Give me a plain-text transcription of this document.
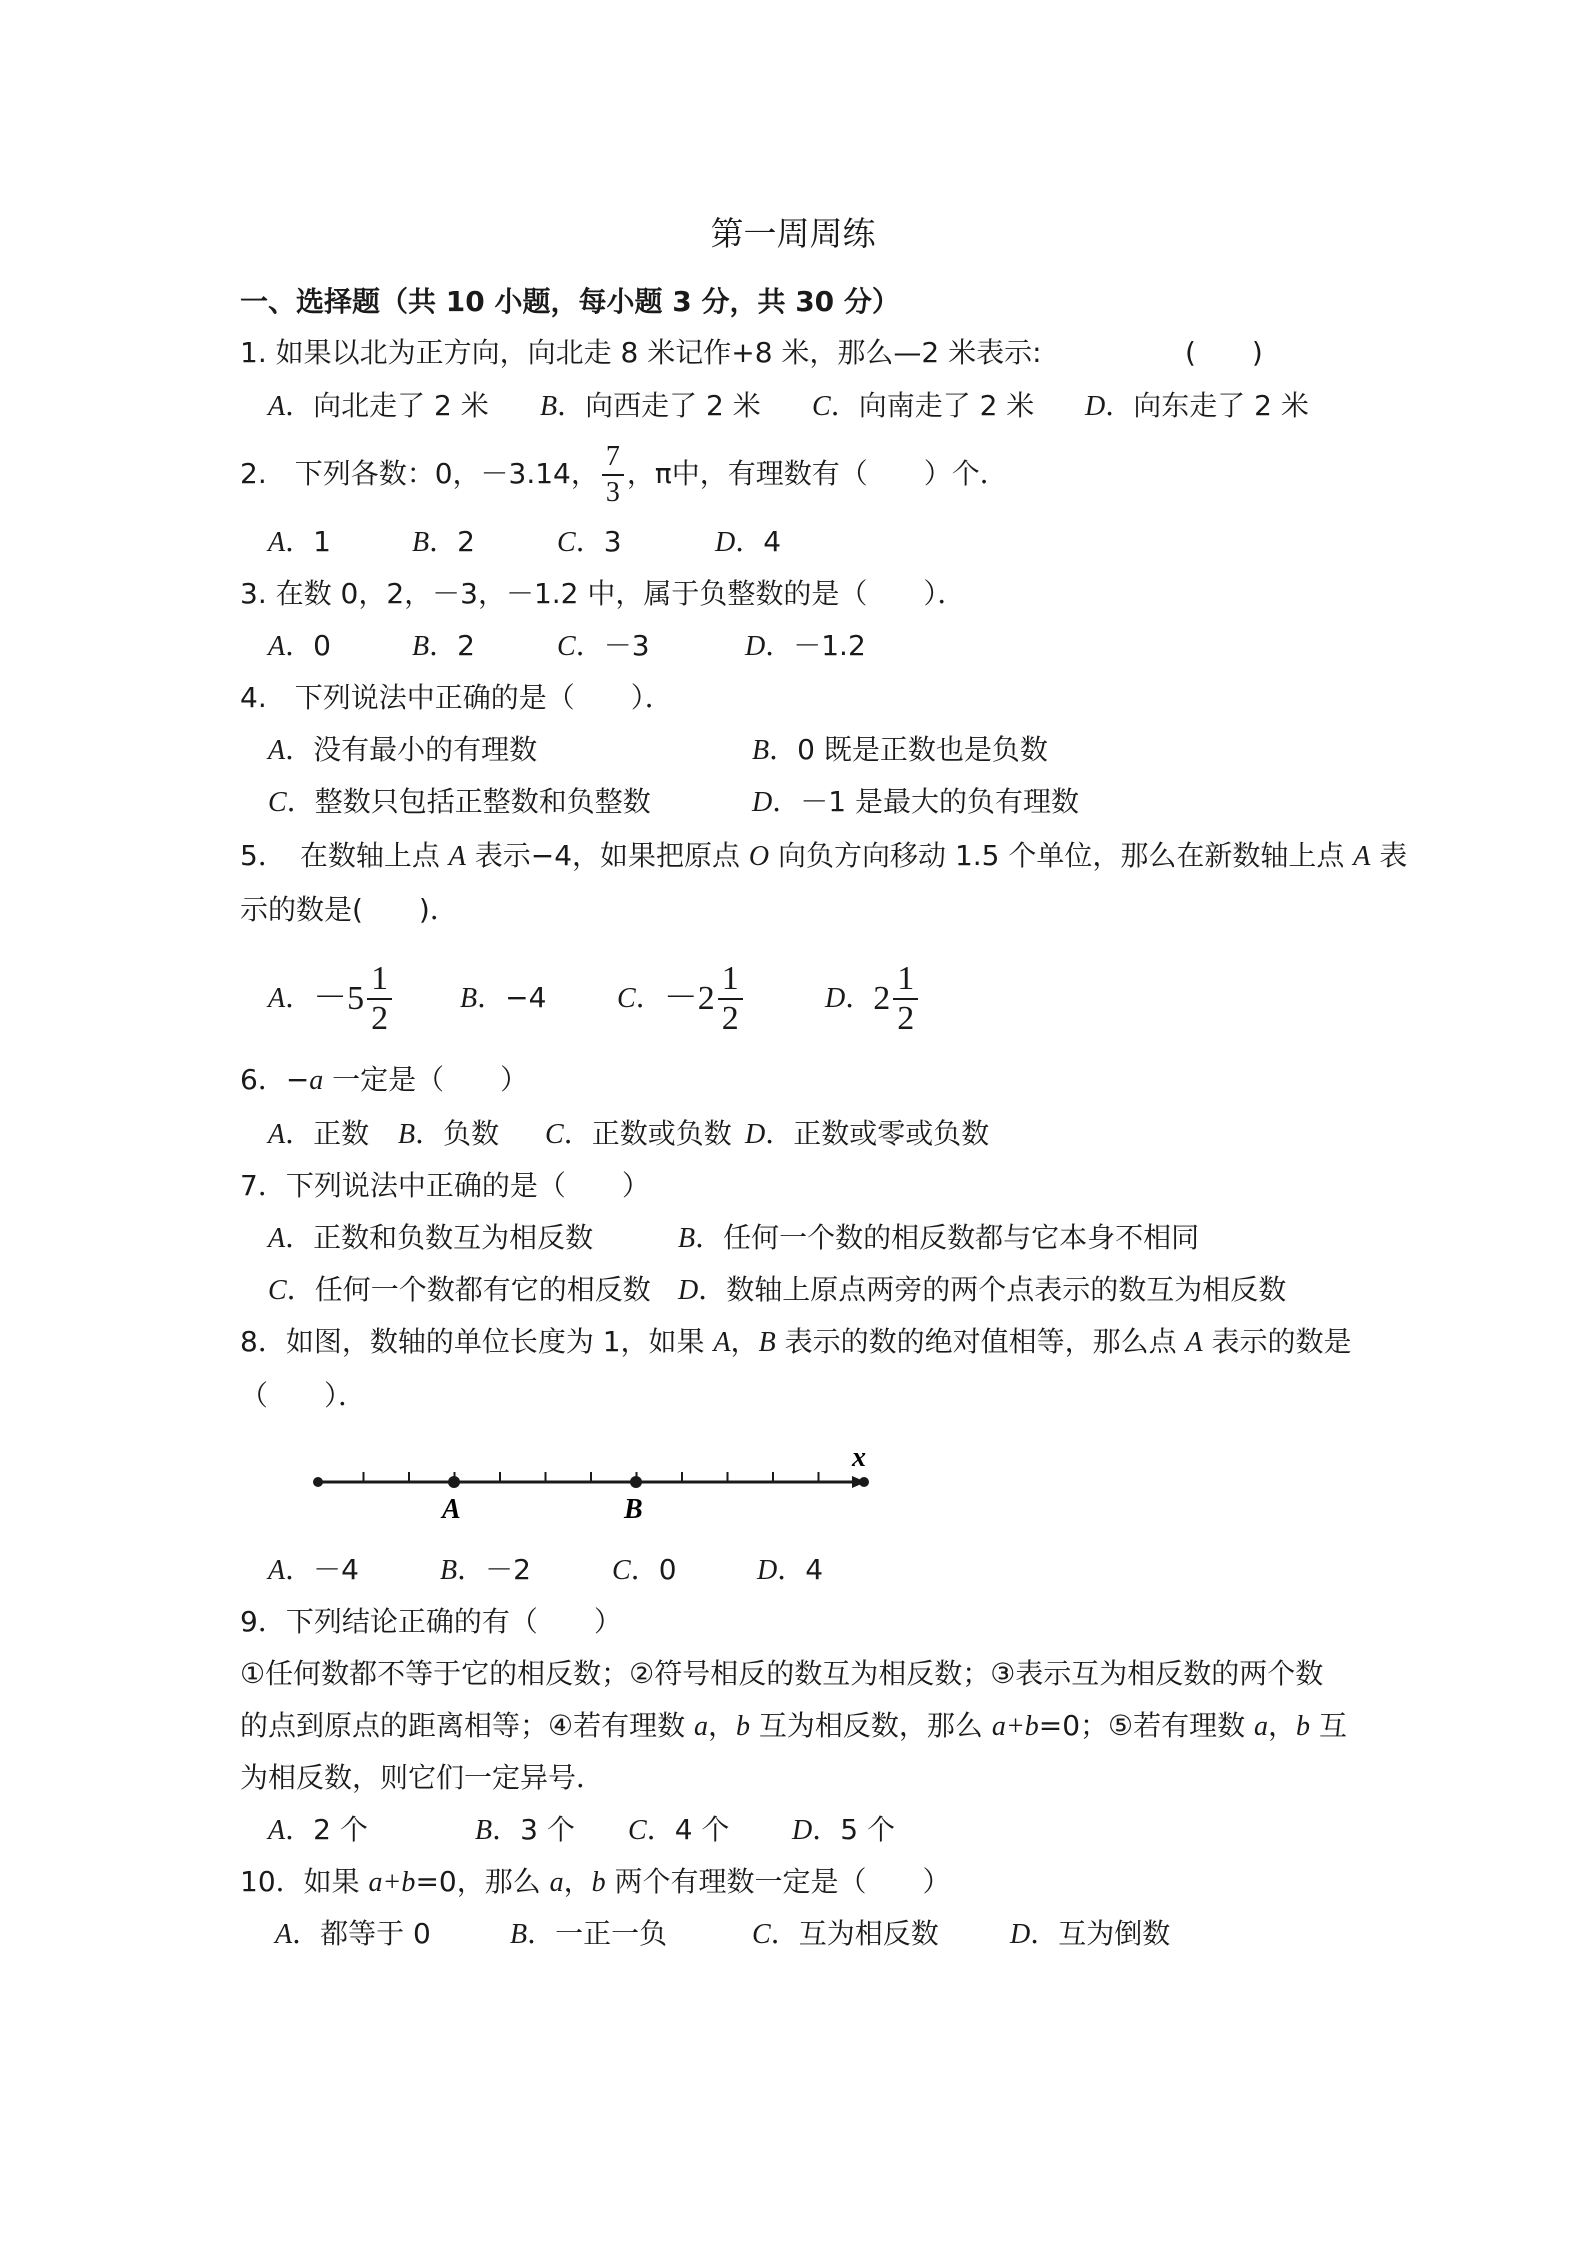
第一周周练
一、选择题（共 10 小题，每小题 3 分，共 30 分）
1. 如果以北为正方向，向北走 8 米记作+8 米，那么—2 米表示:	(　　)
A．向北走了 2 米 B．向西走了 2 米 C．向南走了 2 米 D．向东走了 2 米
2.　下列各数：0，－3.14， $\frac{7}{3}$ ，π中，有理数有（　　）个．
A．1	B．2	C．3	D．4
3. 在数 0，2，－3，－1.2 中，属于负整数的是（　　）．
A．0	B．2	C．－3	D．－1.2
4.　下列说法中正确的是（　　）．
A．没有最小的有理数	B．0 既是正数也是负数
C．整数只包括正整数和负整数	D．－1 是最大的负有理数
5．　在数轴上点 A 表示−4，如果把原点 O 向负方向移动 1.5 个单位，那么在新数轴上点 A 表
示的数是(　　)．
A．$-5 \frac{1}{2}$ B．−4	C．$-2 \frac{1}{2}$	D．$2 \frac{1}{2}$
6．−a 一定是（　　）
A．正数 B．负数 C．正数或负数 D．正数或零或负数
7．下列说法中正确的是（　　）
A．正数和负数互为相反数	B．任何一个数的相反数都与它本身不相同
C．任何一个数都有它的相反数 D．数轴上原点两旁的两个点表示的数互为相反数
8．如图，数轴的单位长度为 1，如果 A，B 表示的数的绝对值相等，那么点 A 表示的数是
（　　）．
x
A	B
A．－4	B．－2	C．0	D．4
9．下列结论正确的有（　　）
①任何数都不等于它的相反数；②符号相反的数互为相反数；③表示互为相反数的两个数
的点到原点的距离相等；④若有理数 a，b 互为相反数，那么 a+b=0；⑤若有理数 a，b 互
为相反数，则它们一定异号．
A．2 个	B．3 个 C．4 个 D．5 个
10．如果 a+b=0，那么 a，b 两个有理数一定是（　　）
A．都等于 0	B．一正一负	C．互为相反数	D．互为倒数
